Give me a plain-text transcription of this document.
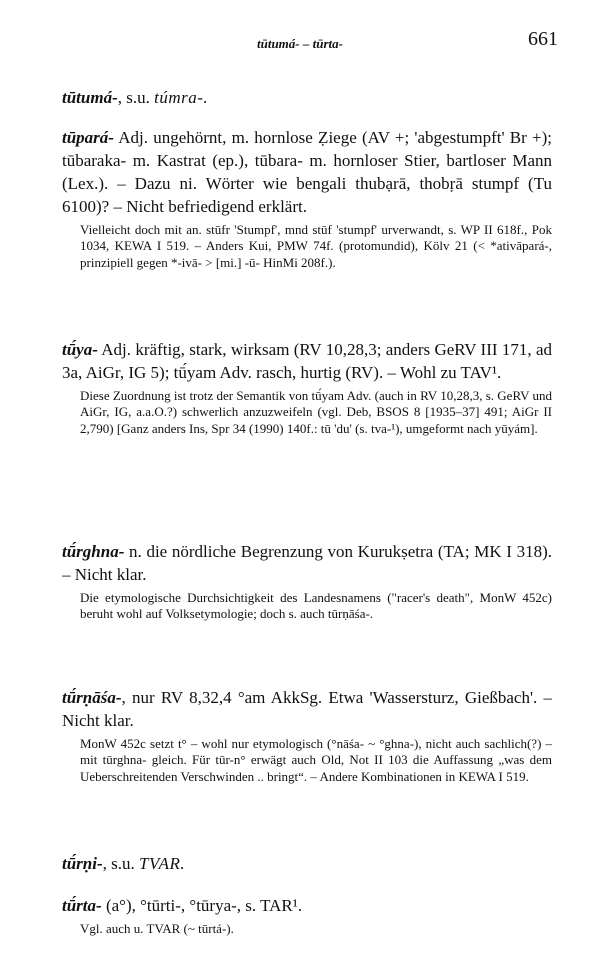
tūtumá- – tūrta-	661

tūtumá-, s.u. túmra-.

tūpará- Adj. ungehörnt, m. hornlose Ẓiege (AV +; 'abgestumpft' Br +); tūbaraka- m. Kastrat (ep.), tūbara- m. hornloser Stier, bartloser Mann (Lex.). – Dazu ni. Wörter wie bengali thubạrā, thobṛā stumpf (Tu 6100)? – Nicht befriedigend erklärt.

Vielleicht doch mit an. stūfr 'Stumpf', mnd stūf 'stumpf' urverwandt, s. WP II 618f., Pok 1034, KEWA I 519. – Anders Kui, PMW 74f. (protomundid), Kölv 21 (< *ativāpará-, prinzipiell gegen *-ivā- > [mi.] -ū- HinMi 208f.).

tū́ya- Adj. kräftig, stark, wirksam (RV 10,28,3; anders GeRV III 171, ad 3a, AiGr, IG 5); tū́yam Adv. rasch, hurtig (RV). – Wohl zu TAV¹.

Diese Zuordnung ist trotz der Semantik von tū́yam Adv. (auch in RV 10,28,3, s. GeRV und AiGr, IG, a.a.O.?) schwerlich anzuzweifeln (vgl. Deb, BSOS 8 [1935–37] 491; AiGr II 2,790) [Ganz anders Ins, Spr 34 (1990) 140f.: tū 'du' (s. tva-¹), umgeformt nach yūyám].

tū́rghna- n. die nördliche Begrenzung von Kurukṣetra (TA; MK I 318). – Nicht klar.

Die etymologische Durchsichtigkeit des Landesnamens ("racer's death", MonW 452c) beruht wohl auf Volksetymologie; doch s. auch tūrṇāśa-.

tū́rṇāśa-, nur RV 8,32,4 °am AkkSg. Etwa 'Wassersturz, Gießbach'. – Nicht klar.

MonW 452c setzt t° – wohl nur etymologisch (°nāśa- ~ °ghna-), nicht auch sachlich(?) – mit tūrghna- gleich. Für tūr-n° erwägt auch Old, Not II 103 die Auffassung „was dem Ueberschreitenden Verschwinden .. bringt“. – Andere Kombinationen in KEWA I 519.

tū́rṇi-, s.u. TVAR.

tū́rta- (a°), °tūrti-, °tūrya-, s. TAR¹.

Vgl. auch u. TVAR (~ tūrtá-).
